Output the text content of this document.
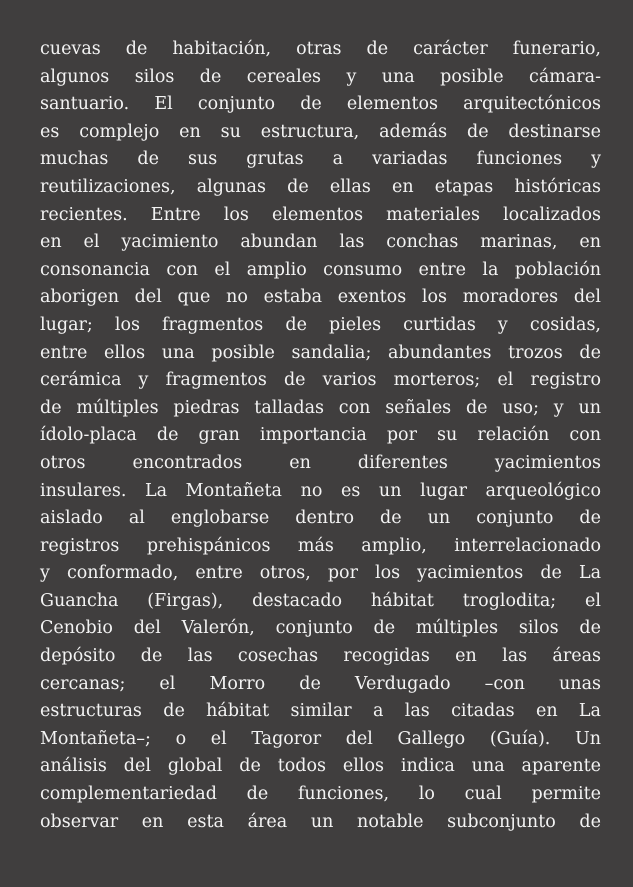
cuevas de habitación, otras de carácter funerario,
algunos silos de cereales y una posible cámara-
santuario. El conjunto de elementos arquitectónicos
es complejo en su estructura, además de destinarse
muchas de sus grutas a variadas funciones y
reutilizaciones, algunas de ellas en etapas históricas
recientes. Entre los elementos materiales localizados
en el yacimiento abundan las conchas marinas, en
consonancia con el amplio consumo entre la población
aborigen del que no estaba exentos los moradores del
lugar; los fragmentos de pieles curtidas y cosidas,
entre ellos una posible sandalia; abundantes trozos de
cerámica y fragmentos de varios morteros; el registro
de múltiples piedras talladas con señales de uso; y un
ídolo-placa de gran importancia por su relación con
otros encontrados en diferentes yacimientos
insulares. La Montañeta no es un lugar arqueológico
aislado al englobarse dentro de un conjunto de
registros prehispánicos más amplio, interrelacionado
y conformado, entre otros, por los yacimientos de La
Guancha (Firgas), destacado hábitat troglodita; el
Cenobio del Valerón, conjunto de múltiples silos de
depósito de las cosechas recogidas en las áreas
cercanas; el Morro de Verdugado –con unas
estructuras de hábitat similar a las citadas en La
Montañeta–; o el Tagoror del Gallego (Guía). Un
análisis del global de todos ellos indica una aparente
complementariedad de funciones, lo cual permite
observar en esta área un notable subconjunto de
